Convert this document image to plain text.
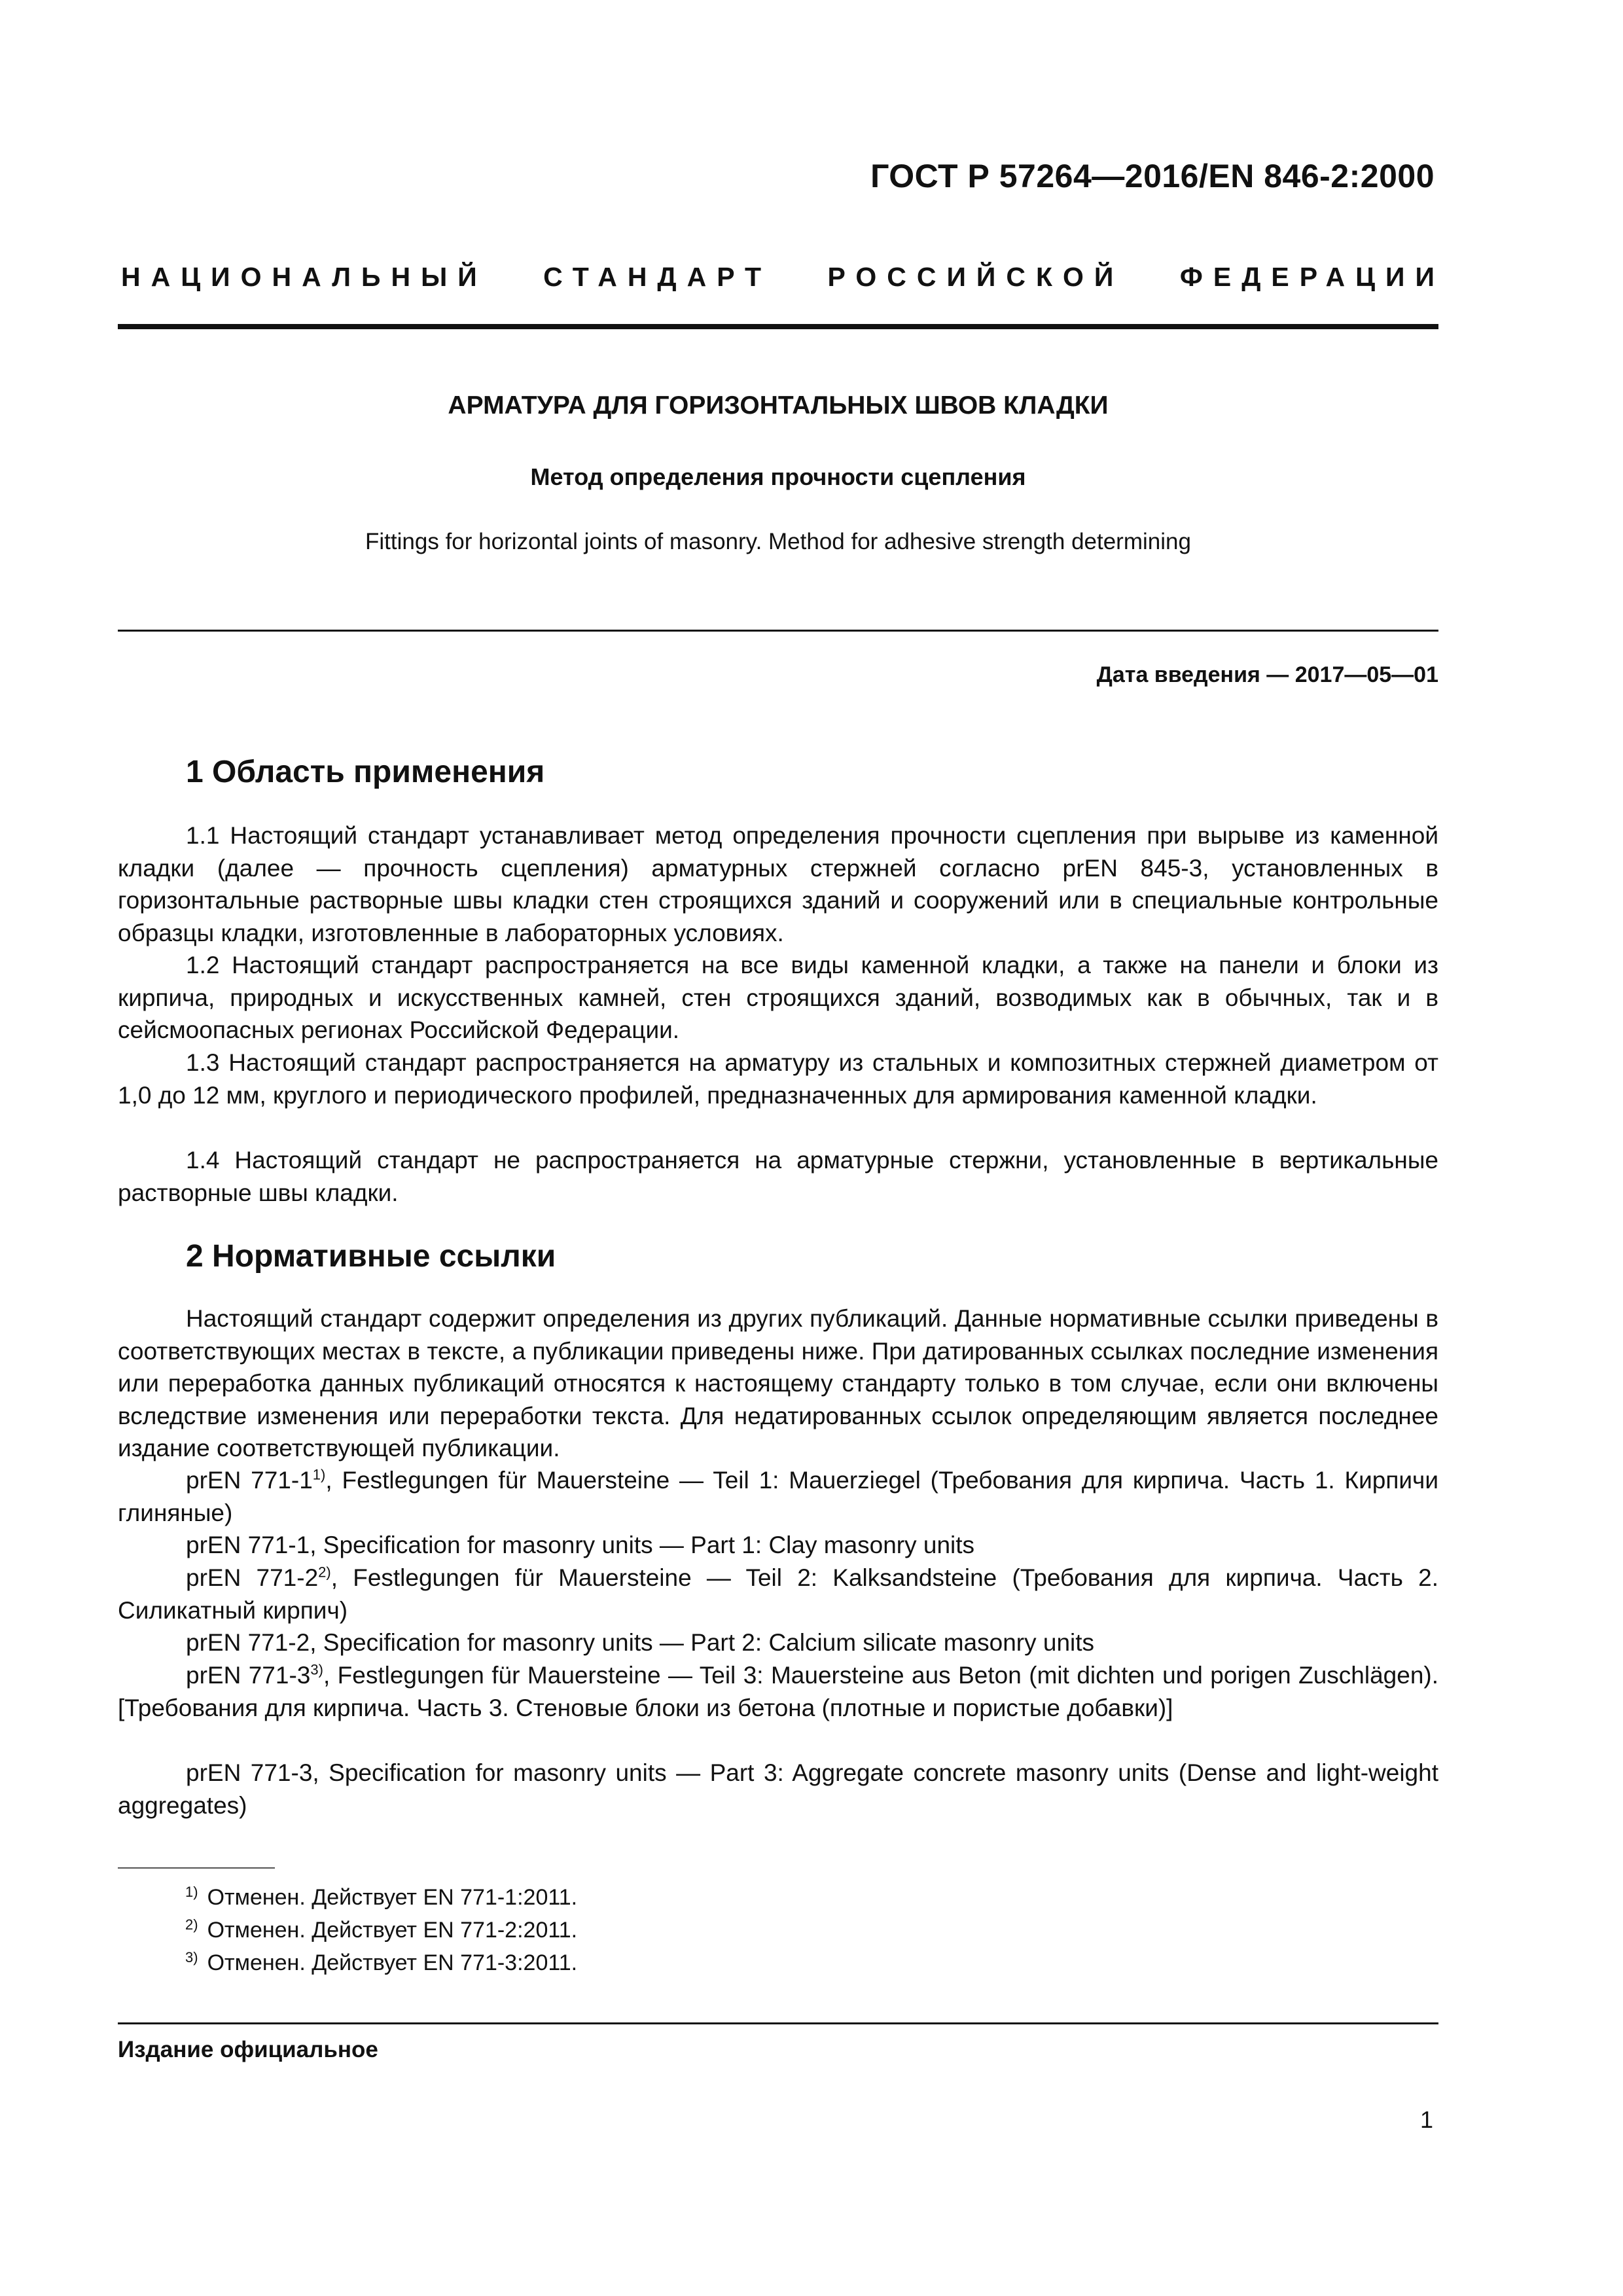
ГОСТ Р 57264—2016/EN 846-2:2000
НАЦИОНАЛЬНЫЙ СТАНДАРТ РОССИЙСКОЙ ФЕДЕРАЦИИ
АРМАТУРА ДЛЯ ГОРИЗОНТАЛЬНЫХ ШВОВ КЛАДКИ
Метод определения прочности сцепления
Fittings for horizontal joints of masonry. Method for adhesive strength determining
Дата введения — 2017—05—01
1 Область применения

1.1 Настоящий стандарт устанавливает метод определения прочности сцепления при вырыве из каменной кладки (далее — прочность сцепления) арматурных стержней согласно prEN 845-3, установленных в горизонтальные растворные швы кладки стен строящихся зданий и сооружений или в специальные контрольные образцы кладки, изготовленные в лабораторных условиях.

1.2 Настоящий стандарт распространяется на все виды каменной кладки, а также на панели и блоки из кирпича, природных и искусственных камней, стен строящихся зданий, возводимых как в обычных, так и в сейсмоопасных регионах Российской Федерации.

1.3 Настоящий стандарт распространяется на арматуру из стальных и композитных стержней диаметром от 1,0 до 12 мм, круглого и периодического профилей, предназначенных для армирования каменной кладки.

1.4 Настоящий стандарт не распространяется на арматурные стержни, установленные в вертикальные растворные швы кладки.

2 Нормативные ссылки

Настоящий стандарт содержит определения из других публикаций. Данные нормативные ссылки приведены в соответствующих местах в тексте, а публикации приведены ниже. При датированных ссылках последние изменения или переработка данных публикаций относятся к настоящему стандарту только в том случае, если они включены вследствие изменения или переработки текста. Для недатированных ссылок определяющим является последнее издание соответствующей публикации.

prEN 771-1$^{1)}$, Festlegungen für Mauersteine — Teil 1: Mauerziegel (Требования для кирпича. Часть 1. Кирпичи глиняные)

prEN 771-1, Specification for masonry units — Part 1: Clay masonry units

prEN 771-2$^{2)}$, Festlegungen für Mauersteine — Teil 2: Kalksandsteine (Требования для кирпича. Часть 2. Силикатный кирпич)

prEN 771-2, Specification for masonry units — Part 2: Calcium silicate masonry units

prEN 771-3$^{3)}$, Festlegungen für Mauersteine — Teil 3: Mauersteine aus Beton (mit dichten und porigen Zuschlägen). [Требования для кирпича. Часть 3. Стеновые блоки из бетона (плотные и пористые добавки)]

prEN 771-3, Specification for masonry units — Part 3: Aggregate concrete masonry units (Dense and light-weight aggregates)

$^{1)}$ Отменен. Действует EN 771-1:2011.
$^{2)}$ Отменен. Действует EN 771-2:2011.
$^{3)}$ Отменен. Действует EN 771-3:2011.
Издание официальное
1
